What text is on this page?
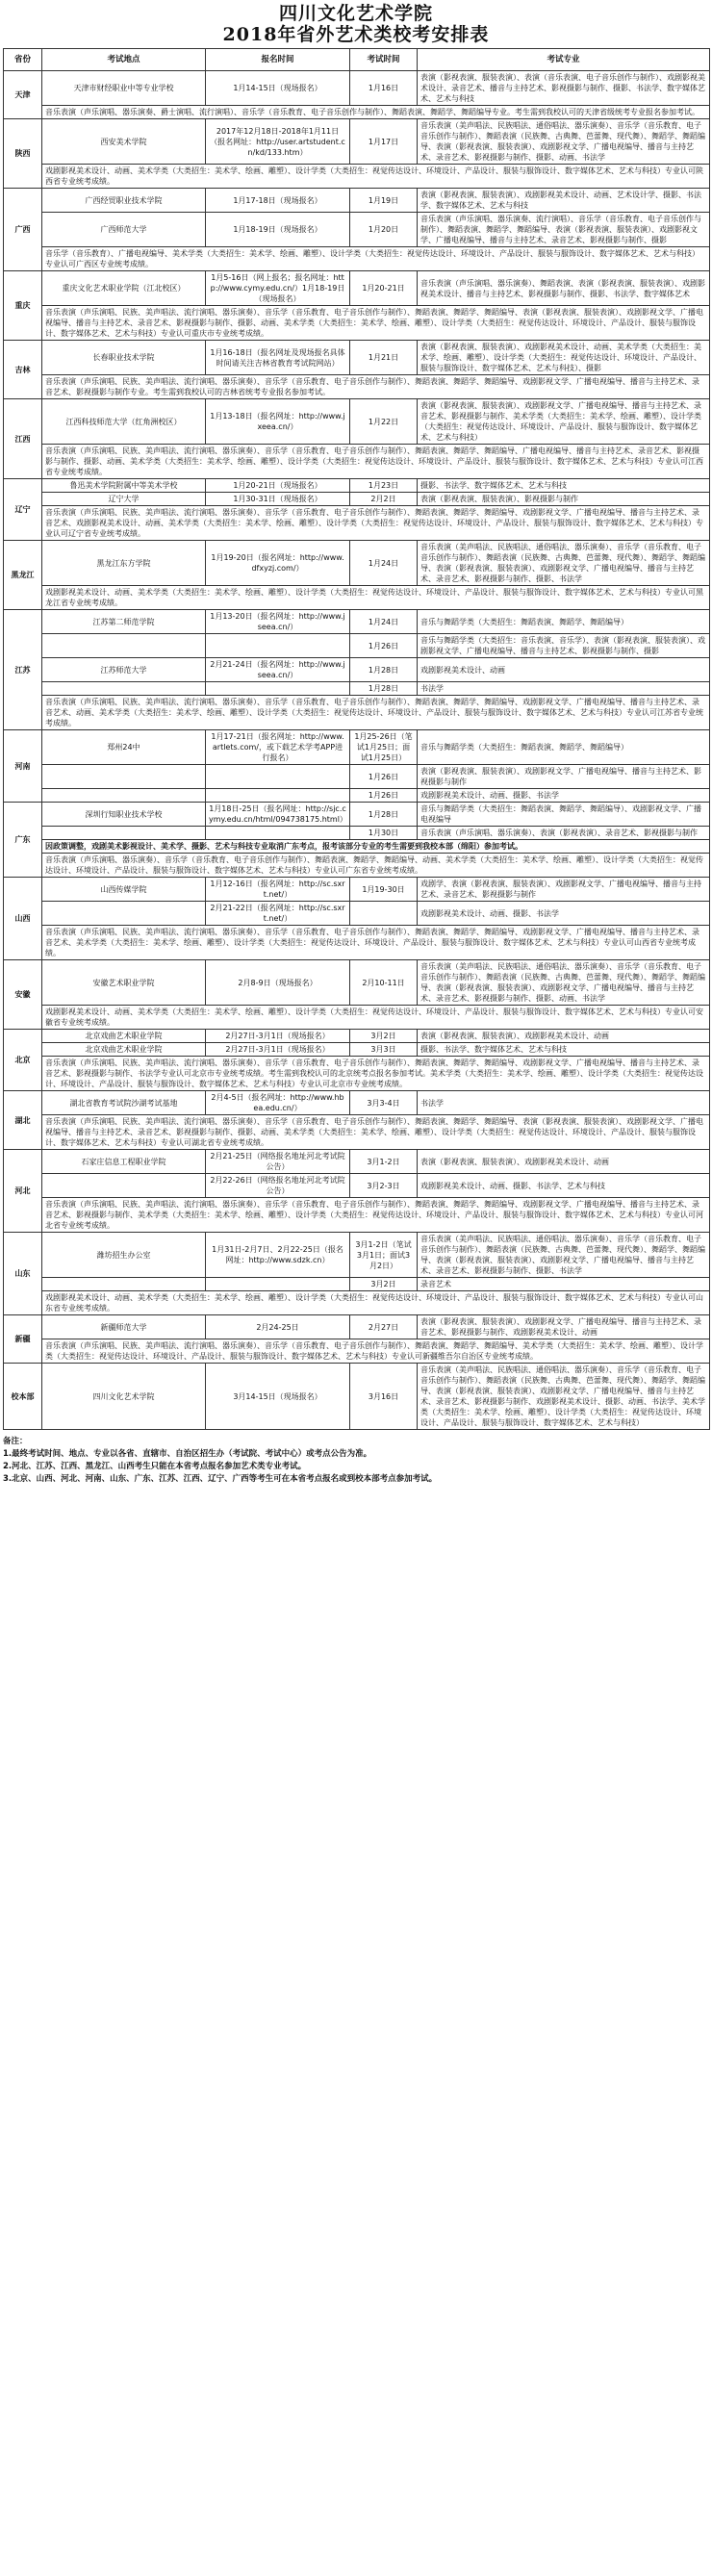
四川文化艺术学院
2018年省外艺术类校考安排表
省份	考试地点	报名时间	考试时间	考试专业
天津	天津市财经职业中等专业学校	1月14-15日（现场报名）	1月16日	表演（影视表演、服装表演）、表演（音乐表演、电子音乐创作与制作）、戏剧影视美术设计、录音艺术、播音与主持艺术、影视摄影与制作、摄影、书法学、数字媒体艺术、艺术与科技
	音乐表演（声乐演唱、器乐演奏、爵士演唱、流行演唱）、音乐学（音乐教育、电子音乐创作与制作）、舞蹈表演、舞蹈学、舞蹈编导专业。考生需到我校认可的天津省级统考专业报名参加考试。			
陕西	西安美术学院	2017年12月18日-2018年1月11日（报名网址：http://user.artstudent.cn/kd/133.htm）	1月17日	音乐表演（美声唱法、民族唱法、通俗唱法、器乐演奏）、音乐学（音乐教育、电子音乐创作与制作）、舞蹈表演（民族舞、古典舞、芭蕾舞、现代舞）、舞蹈学、舞蹈编导、表演（影视表演、服装表演）、戏剧影视文学、广播电视编导、播音与主持艺术、录音艺术、影视摄影与制作、摄影、动画、书法学
	戏剧影视美术设计、动画、美术学类（大类招生：美术学、绘画、雕塑）、设计学类（大类招生：视觉传达设计、环境设计、产品设计、服装与服饰设计、数字媒体艺术、艺术与科技）专业认可陕西省专业统考成绩。			
广西	广西经贸职业技术学院	1月17-18日（现场报名）	1月19日	表演（影视表演、服装表演）、戏剧影视美术设计、动画、艺术设计学、摄影、书法学、数字媒体艺术、艺术与科技
	广西师范大学	1月18-19日（现场报名）	1月20日	音乐表演（声乐演唱、器乐演奏、流行演唱）、音乐学（音乐教育、电子音乐创作与制作）、舞蹈表演、舞蹈学、舞蹈编导、表演（影视表演、服装表演）、戏剧影视文学、广播电视编导、播音与主持艺术、录音艺术、影视摄影与制作、摄影
	音乐学（音乐教育）、广播电视编导、美术学类（大类招生：美术学、绘画、雕塑）、设计学类（大类招生：视觉传达设计、环境设计、产品设计、服装与服饰设计、数字媒体艺术、艺术与科技）专业认可广西区专业统考成绩。			
重庆	重庆文化艺术职业学院（江北校区）	1月5-16日（网上报名；报名网址：http://www.cymy.edu.cn/）1月18-19日（现场报名）	1月20-21日	音乐表演（声乐演唱、器乐演奏）、舞蹈表演、表演（影视表演、服装表演）、戏剧影视美术设计、播音与主持艺术、影视摄影与制作、摄影、书法学、数字媒体艺术
	音乐表演（声乐演唱、民族、美声唱法、流行演唱、器乐演奏）、音乐学（音乐教育、电子音乐创作与制作）、舞蹈表演、舞蹈学、舞蹈编导、表演（影视表演、服装表演）、戏剧影视文学、广播电视编导、播音与主持艺术、录音艺术、影视摄影与制作、摄影、动画、美术学类（大类招生：美术学、绘画、雕塑）、设计学类（大类招生：视觉传达设计、环境设计、产品设计、服装与服饰设计、数字媒体艺术、艺术与科技）专业认可重庆市专业统考成绩。			
吉林	长春职业技术学院	1月16-18日（报名网址及现场报名具体时间请关注吉林省教育考试院网站）	1月21日	表演（影视表演、服装表演）、戏剧影视美术设计、动画、美术学类（大类招生：美术学、绘画、雕塑）、设计学类（大类招生：视觉传达设计、环境设计、产品设计、服装与服饰设计、数字媒体艺术、艺术与科技）、摄影
	音乐表演（声乐演唱、民族、美声唱法、流行演唱、器乐演奏）、音乐学（音乐教育、电子音乐创作与制作）、舞蹈表演、舞蹈学、舞蹈编导、戏剧影视文学、广播电视编导、播音与主持艺术、录音艺术、影视摄影与制作专业。考生需到我校认可的吉林省统考专业报名参加考试。			
江西	江西科技师范大学（红角洲校区）	1月13-18日（报名网址：http://www.jxeea.cn/）	1月22日	表演（影视表演、服装表演）、戏剧影视文学、广播电视编导、播音与主持艺术、录音艺术、影视摄影与制作、美术学类（大类招生：美术学、绘画、雕塑）、设计学类（大类招生：视觉传达设计、环境设计、产品设计、服装与服饰设计、数字媒体艺术、艺术与科技）
	音乐表演（声乐演唱、民族、美声唱法、流行演唱、器乐演奏）、音乐学（音乐教育、电子音乐创作与制作）、舞蹈表演、舞蹈学、舞蹈编导、广播电视编导、播音与主持艺术、录音艺术、影视摄影与制作、摄影、动画、美术学类（大类招生：美术学、绘画、雕塑）、设计学类（大类招生：视觉传达设计、环境设计、产品设计、服装与服饰设计、数字媒体艺术、艺术与科技）专业认可江西省专业统考成绩。			
辽宁	鲁迅美术学院附属中等美术学校	1月20-21日（现场报名）	1月23日	摄影、书法学、数字媒体艺术、艺术与科技
	辽宁大学	1月30-31日（现场报名）	2月2日	表演（影视表演、服装表演）、影视摄影与制作
	音乐表演（声乐演唱、民族、美声唱法、流行演唱、器乐演奏）、音乐学（音乐教育、电子音乐创作与制作）、舞蹈表演、舞蹈学、舞蹈编导、戏剧影视文学、广播电视编导、播音与主持艺术、录音艺术、戏剧影视美术设计、动画、美术学类（大类招生：美术学、绘画、雕塑）、设计学类（大类招生：视觉传达设计、环境设计、产品设计、服装与服饰设计、数字媒体艺术、艺术与科技）专业认可辽宁省专业统考成绩。			
黑龙江	黑龙江东方学院	1月19-20日（报名网址：http://www.dfxyzj.com/）	1月24日	音乐表演（美声唱法、民族唱法、通俗唱法、器乐演奏）、音乐学（音乐教育、电子音乐创作与制作）、舞蹈表演（民族舞、古典舞、芭蕾舞、现代舞）、舞蹈学、舞蹈编导、表演（影视表演、服装表演）、戏剧影视文学、广播电视编导、播音与主持艺术、录音艺术、影视摄影与制作、摄影、书法学
	戏剧影视美术设计、动画、美术学类（大类招生：美术学、绘画、雕塑）、设计学类（大类招生：视觉传达设计、环境设计、产品设计、服装与服饰设计、数字媒体艺术、艺术与科技）专业认可黑龙江省专业统考成绩。			
江苏	江苏第二师范学院	1月13-20日（报名网址：http://www.jseea.cn/）	1月24日	音乐与舞蹈学类（大类招生：舞蹈表演、舞蹈学、舞蹈编导）
			1月26日	音乐与舞蹈学类（大类招生：音乐表演、音乐学）、表演（影视表演、服装表演）、戏剧影视文学、广播电视编导、播音与主持艺术、影视摄影与制作、摄影
	江苏师范大学	2月21-24日（报名网址：http://www.jseea.cn/）	1月28日	戏剧影视美术设计、动画
			1月28日	书法学
	音乐表演（声乐演唱、民族、美声唱法、流行演唱、器乐演奏）、音乐学（音乐教育、电子音乐创作与制作）、舞蹈表演、舞蹈学、舞蹈编导、戏剧影视文学、广播电视编导、播音与主持艺术、录音艺术、动画、美术学类（大类招生：美术学、绘画、雕塑）、设计学类（大类招生：视觉传达设计、环境设计、产品设计、服装与服饰设计、数字媒体艺术、艺术与科技）专业认可江苏省专业统考成绩。			
河南	郑州24中	1月17-21日（报名网址：http://www.artlets.com/，或下载艺术学考APP进行报名）	1月25-26日（笔试1月25日；面试1月25日）	音乐与舞蹈学类（大类招生：舞蹈表演、舞蹈学、舞蹈编导）
			1月26日	表演（影视表演、服装表演）、戏剧影视文学、广播电视编导、播音与主持艺术、影视摄影与制作
			1月26日	戏剧影视美术设计、动画、摄影、书法学
广东	深圳行知职业技术学校	1月18日-25日（报名网址：http://sjc.cymy.edu.cn/html/094738175.html）	1月28日	音乐与舞蹈学类（大类招生：舞蹈表演、舞蹈学、舞蹈编导）、戏剧影视文学、广播电视编导
			1月30日	音乐表演（声乐演唱、器乐演奏）、表演（影视表演）、录音艺术、影视摄影与制作
	因政策调整，戏剧美术影视设计、美术学、摄影、艺术与科技专业取消广东考点，报考该部分专业的考生需要到我校本部（绵阳）参加考试。			
	音乐表演（声乐演唱、器乐演奏）、音乐学（音乐教育、电子音乐创作与制作）、舞蹈表演、舞蹈学、舞蹈编导、动画、美术学类（大类招生：美术学、绘画、雕塑）、设计学类（大类招生：视觉传达设计、环境设计、产品设计、服装与服饰设计、数字媒体艺术、艺术与科技）专业认可广东省专业统考成绩。			
山西	山西传媒学院	1月12-16日（报名网址：http://sc.sxrt.net/）	1月19-30日	戏剧学、表演（影视表演、服装表演）、戏剧影视文学、广播电视编导、播音与主持艺术、录音艺术、影视摄影与制作
		2月21-22日（报名网址：http://sc.sxrt.net/）		戏剧影视美术设计、动画、摄影、书法学
	音乐表演（声乐演唱、民族、美声唱法、流行演唱、器乐演奏）、音乐学（音乐教育、电子音乐创作与制作）、舞蹈表演、舞蹈学、舞蹈编导、戏剧影视文学、广播电视编导、播音与主持艺术、录音艺术、美术学类（大类招生：美术学、绘画、雕塑）、设计学类（大类招生：视觉传达设计、环境设计、产品设计、服装与服饰设计、数字媒体艺术、艺术与科技）专业认可山西省专业统考成绩。			
安徽	安徽艺术职业学院	2月8-9日（现场报名）	2月10-11日	音乐表演（美声唱法、民族唱法、通俗唱法、器乐演奏）、音乐学（音乐教育、电子音乐创作与制作）、舞蹈表演（民族舞、古典舞、芭蕾舞、现代舞）、舞蹈学、舞蹈编导、表演（影视表演、服装表演）、戏剧影视文学、广播电视编导、播音与主持艺术、录音艺术、影视摄影与制作、摄影、动画、书法学
	戏剧影视美术设计、动画、美术学类（大类招生：美术学、绘画、雕塑）、设计学类（大类招生：视觉传达设计、环境设计、产品设计、服装与服饰设计、数字媒体艺术、艺术与科技）专业认可安徽省专业统考成绩。			
北京	北京戏曲艺术职业学院	2月27日-3月1日（现场报名）	3月2日	表演（影视表演、服装表演）、戏剧影视美术设计、动画
	北京戏曲艺术职业学院	2月27日-3月1日（现场报名）	3月3日	摄影、书法学、数字媒体艺术、艺术与科技
	音乐表演（声乐演唱、民族、美声唱法、流行演唱、器乐演奏）、音乐学（音乐教育、电子音乐创作与制作）、舞蹈表演、舞蹈学、舞蹈编导、戏剧影视文学、广播电视编导、播音与主持艺术、录音艺术、影视摄影与制作、书法学专业认可北京市专业统考成绩。考生需到我校认可的北京统考点报名参加考试。美术学类（大类招生：美术学、绘画、雕塑）、设计学类（大类招生：视觉传达设计、环境设计、产品设计、服装与服饰设计、数字媒体艺术、艺术与科技）专业认可北京市专业统考成绩。			
湖北	湖北省教育考试院沙湖考试基地	2月4-5日（报名网址：http://www.hbea.edu.cn/）	3月3-4日	书法学
	音乐表演（声乐演唱、民族、美声唱法、流行演唱、器乐演奏）、音乐学（音乐教育、电子音乐创作与制作）、舞蹈表演、舞蹈学、舞蹈编导、表演（影视表演、服装表演）、戏剧影视文学、广播电视编导、播音与主持艺术、录音艺术、影视摄影与制作、摄影、动画、美术学类（大类招生：美术学、绘画、雕塑）、设计学类（大类招生：视觉传达设计、环境设计、产品设计、服装与服饰设计、数字媒体艺术、艺术与科技）专业认可湖北省专业统考成绩。			
河北	石家庄信息工程职业学院	2月21-25日（网络报名地址河北考试院公告）	3月1-2日	表演（影视表演、服装表演）、戏剧影视美术设计、动画
		2月22-26日（网络报名地址河北考试院公告）	3月2-3日	戏剧影视美术设计、动画、摄影、书法学、艺术与科技
	音乐表演（声乐演唱、民族、美声唱法、流行演唱、器乐演奏）、音乐学（音乐教育、电子音乐创作与制作）、舞蹈表演、舞蹈学、舞蹈编导、戏剧影视文学、广播电视编导、播音与主持艺术、录音艺术、影视摄影与制作、美术学类（大类招生：美术学、绘画、雕塑）、设计学类（大类招生：视觉传达设计、环境设计、产品设计、服装与服饰设计、数字媒体艺术、艺术与科技）专业认可河北省专业统考成绩。			
山东	潍坊招生办公室	1月31日-2月7日、2月22-25日（报名网址：http://www.sdzk.cn）	3月1-2日（笔试3月1日；面试3月2日）	音乐表演（美声唱法、民族唱法、通俗唱法、器乐演奏）、音乐学（音乐教育、电子音乐创作与制作）、舞蹈表演（民族舞、古典舞、芭蕾舞、现代舞）、舞蹈学、舞蹈编导、表演（影视表演、服装表演）、戏剧影视文学、广播电视编导、播音与主持艺术、录音艺术、影视摄影与制作、摄影、书法学
			3月2日	录音艺术
	戏剧影视美术设计、动画、美术学类（大类招生：美术学、绘画、雕塑）、设计学类（大类招生：视觉传达设计、环境设计、产品设计、服装与服饰设计、数字媒体艺术、艺术与科技）专业认可山东省专业统考成绩。			
新疆	新疆师范大学	2月24-25日	2月27日	表演（影视表演、服装表演）、戏剧影视文学、广播电视编导、播音与主持艺术、录音艺术、影视摄影与制作、戏剧影视美术设计、动画
	音乐表演（声乐演唱、民族、美声唱法、流行演唱、器乐演奏）、音乐学（音乐教育、电子音乐创作与制作）、舞蹈表演、舞蹈学、舞蹈编导、美术学类（大类招生：美术学、绘画、雕塑）、设计学类（大类招生：视觉传达设计、环境设计、产品设计、服装与服饰设计、数字媒体艺术、艺术与科技）专业认可新疆维吾尔自治区专业统考成绩。			
校本部	四川文化艺术学院	3月14-15日（现场报名）	3月16日	音乐表演（美声唱法、民族唱法、通俗唱法、器乐演奏）、音乐学（音乐教育、电子音乐创作与制作）、舞蹈表演（民族舞、古典舞、芭蕾舞、现代舞）、舞蹈学、舞蹈编导、表演（影视表演、服装表演）、戏剧影视文学、广播电视编导、播音与主持艺术、录音艺术、影视摄影与制作、戏剧影视美术设计、摄影、动画、书法学、美术学类（大类招生：美术学、绘画、雕塑）、设计学类（大类招生：视觉传达设计、环境设计、产品设计、服装与服饰设计、数字媒体艺术、艺术与科技）
备注：
1.最终考试时间、地点、专业以各省、直辖市、自治区招生办（考试院、考试中心）或考点公告为准。
2.河北、江苏、江西、黑龙江、山西考生只能在本省考点报名参加艺术类专业考试。
3.北京、山西、河北、河南、山东、广东、江苏、江西、辽宁、广西等考生可在本省考点报名或到校本部考点参加考试。
